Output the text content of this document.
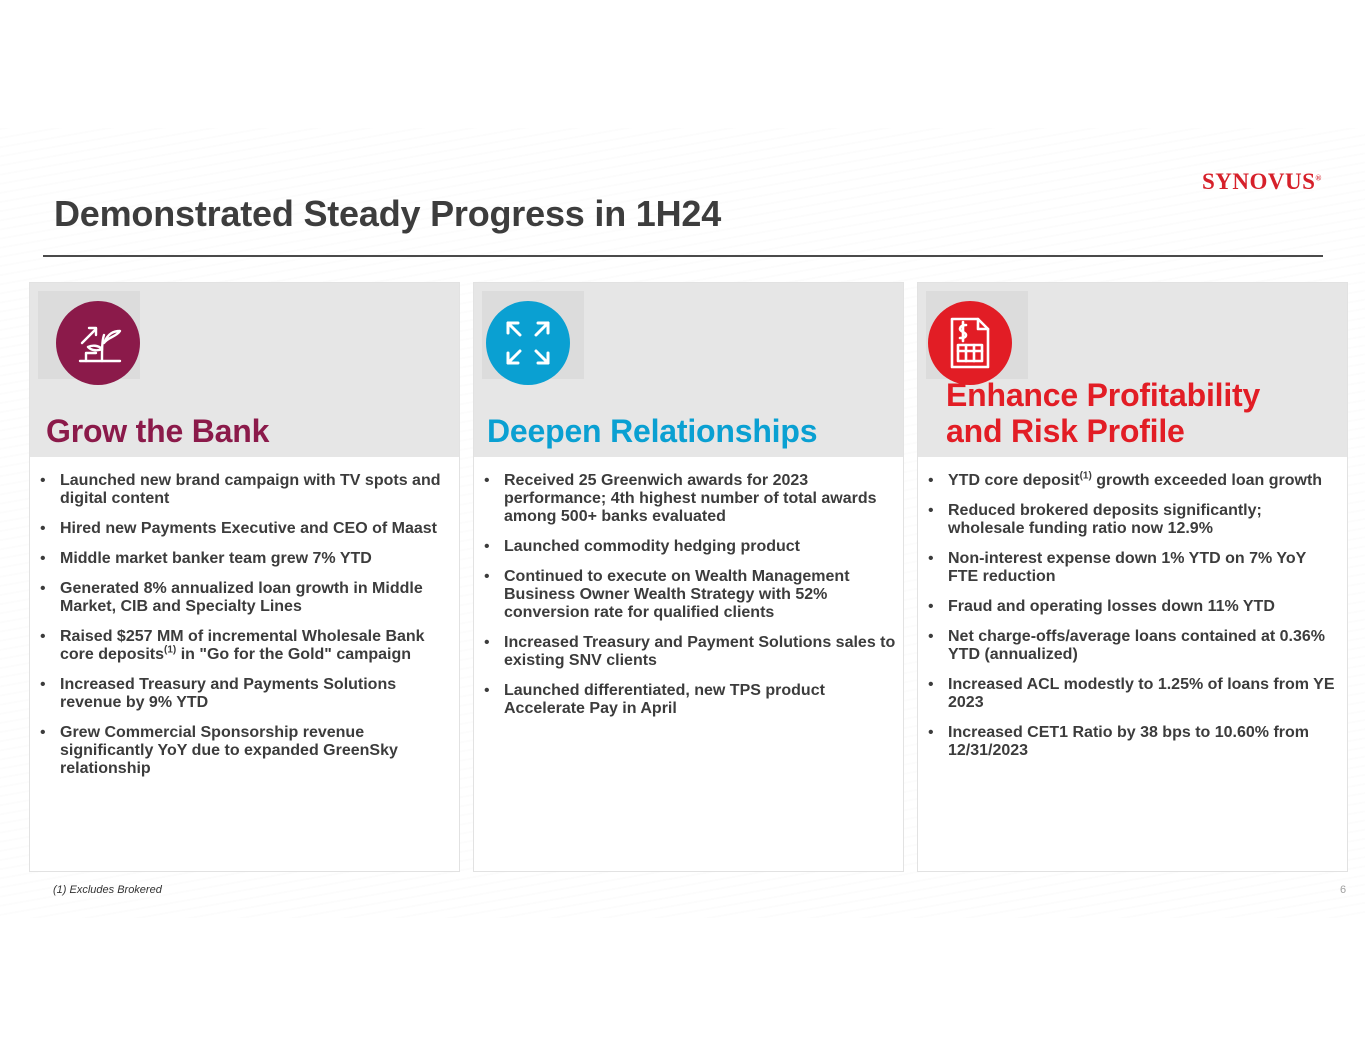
SYNOVUS®
Demonstrated Steady Progress in 1H24
Grow the Bank
• Launched new brand campaign with TV spots and digital content
• Hired new Payments Executive and CEO of Maast
• Middle market banker team grew 7% YTD
• Generated 8% annualized loan growth in Middle Market, CIB and Specialty Lines
• Raised $257 MM of incremental Wholesale Bank core deposits$^{(1)}$ in "Go for the Gold" campaign
• Increased Treasury and Payments Solutions revenue by 9% YTD
• Grew Commercial Sponsorship revenue significantly YoY due to expanded GreenSky relationship
Deepen Relationships
• Received 25 Greenwich awards for 2023 performance; 4th highest number of total awards among 500+ banks evaluated
• Launched commodity hedging product
• Continued to execute on Wealth Management Business Owner Wealth Strategy with 52% conversion rate for qualified clients
• Increased Treasury and Payment Solutions sales to existing SNV clients
• Launched differentiated, new TPS product Accelerate Pay in April
Enhance Profitability
and Risk Profile
• YTD core deposit$^{(1)}$ growth exceeded loan growth
• Reduced brokered deposits significantly; wholesale funding ratio now 12.9%
• Non-interest expense down 1% YTD on 7% YoY FTE reduction
• Fraud and operating losses down 11% YTD
• Net charge-offs/average loans contained at 0.36% YTD (annualized)
• Increased ACL modestly to 1.25% of loans from YE 2023
• Increased CET1 Ratio by 38 bps to 10.60% from 12/31/2023
(1) Excludes Brokered	6
